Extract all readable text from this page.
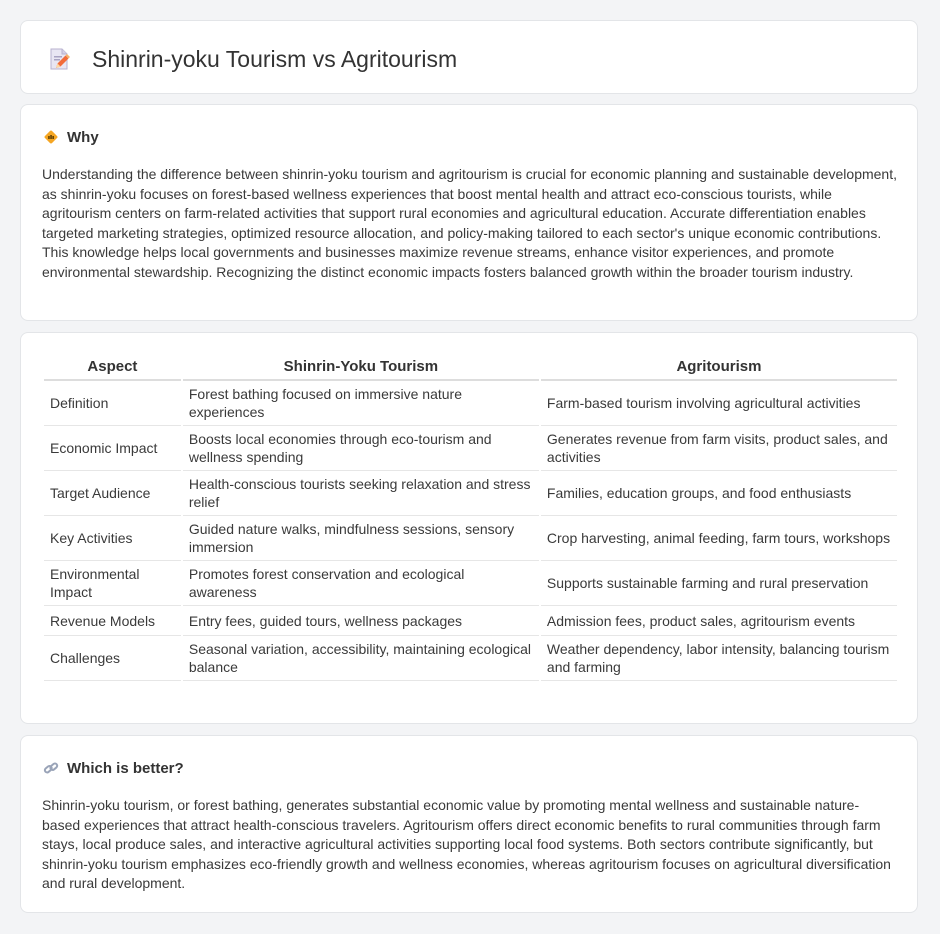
Shinrin-yoku Tourism vs Agritourism
Why

Understanding the difference between shinrin-yoku tourism and agritourism is crucial for economic planning and sustainable development, as shinrin-yoku focuses on forest-based wellness experiences that boost mental health and attract eco-conscious tourists, while agritourism centers on farm-related activities that support rural economies and agricultural education. Accurate differentiation enables targeted marketing strategies, optimized resource allocation, and policy-making tailored to each sector's unique economic contributions. This knowledge helps local governments and businesses maximize revenue streams, enhance visitor experiences, and promote environmental stewardship. Recognizing the distinct economic impacts fosters balanced growth within the broader tourism industry.

Aspect	Shinrin-Yoku Tourism	Agritourism
Definition	Forest bathing focused on immersive nature experiences	Farm-based tourism involving agricultural activities
Economic Impact	Boosts local economies through eco-tourism and wellness spending	Generates revenue from farm visits, product sales, and activities
Target Audience	Health-conscious tourists seeking relaxation and stress relief	Families, education groups, and food enthusiasts
Key Activities	Guided nature walks, mindfulness sessions, sensory immersion	Crop harvesting, animal feeding, farm tours, workshops
Environmental Impact	Promotes forest conservation and ecological awareness	Supports sustainable farming and rural preservation
Revenue Models	Entry fees, guided tours, wellness packages	Admission fees, product sales, agritourism events
Challenges	Seasonal variation, accessibility, maintaining ecological balance	Weather dependency, labor intensity, balancing tourism and farming
Which is better?

Shinrin-yoku tourism, or forest bathing, generates substantial economic value by promoting mental wellness and sustainable nature-based experiences that attract health-conscious travelers. Agritourism offers direct economic benefits to rural communities through farm stays, local produce sales, and interactive agricultural activities supporting local food systems. Both sectors contribute significantly, but shinrin-yoku tourism emphasizes eco-friendly growth and wellness economies, whereas agritourism focuses on agricultural diversification and rural development.
